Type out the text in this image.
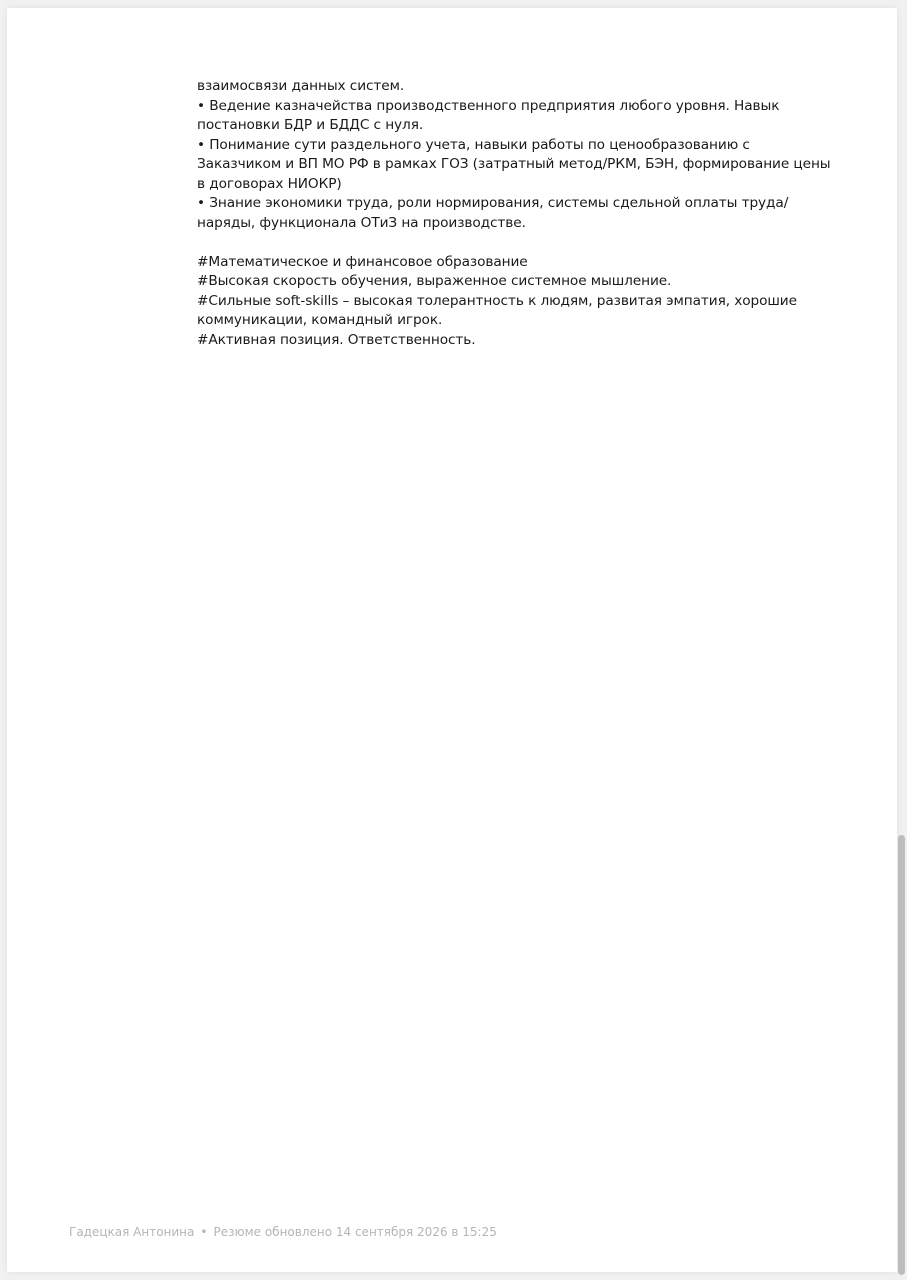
взаимосвязи данных систем.

• Ведение казначейства производственного предприятия любого уровня. Навык постановки БДР и БДДС с нуля.

• Понимание сути раздельного учета, навыки работы по ценообразованию с Заказчиком и ВП МО РФ в рамках ГОЗ (затратный метод/РКМ, БЭН, формирование цены в договорах НИОКР)

• Знание экономики труда, роли нормирования, системы сдельной оплаты труда/наряды, функционала ОТиЗ на производстве.

#Математическое и финансовое образование

#Высокая скорость обучения, выраженное системное мышление.

#Сильные soft-skills – высокая толерантность к людям, развитая эмпатия, хорошие коммуникации, командный игрок.

#Активная позиция. Ответственность.

Гадецкая Антонина • Резюме обновлено 14 сентября 2026 в 15:25
